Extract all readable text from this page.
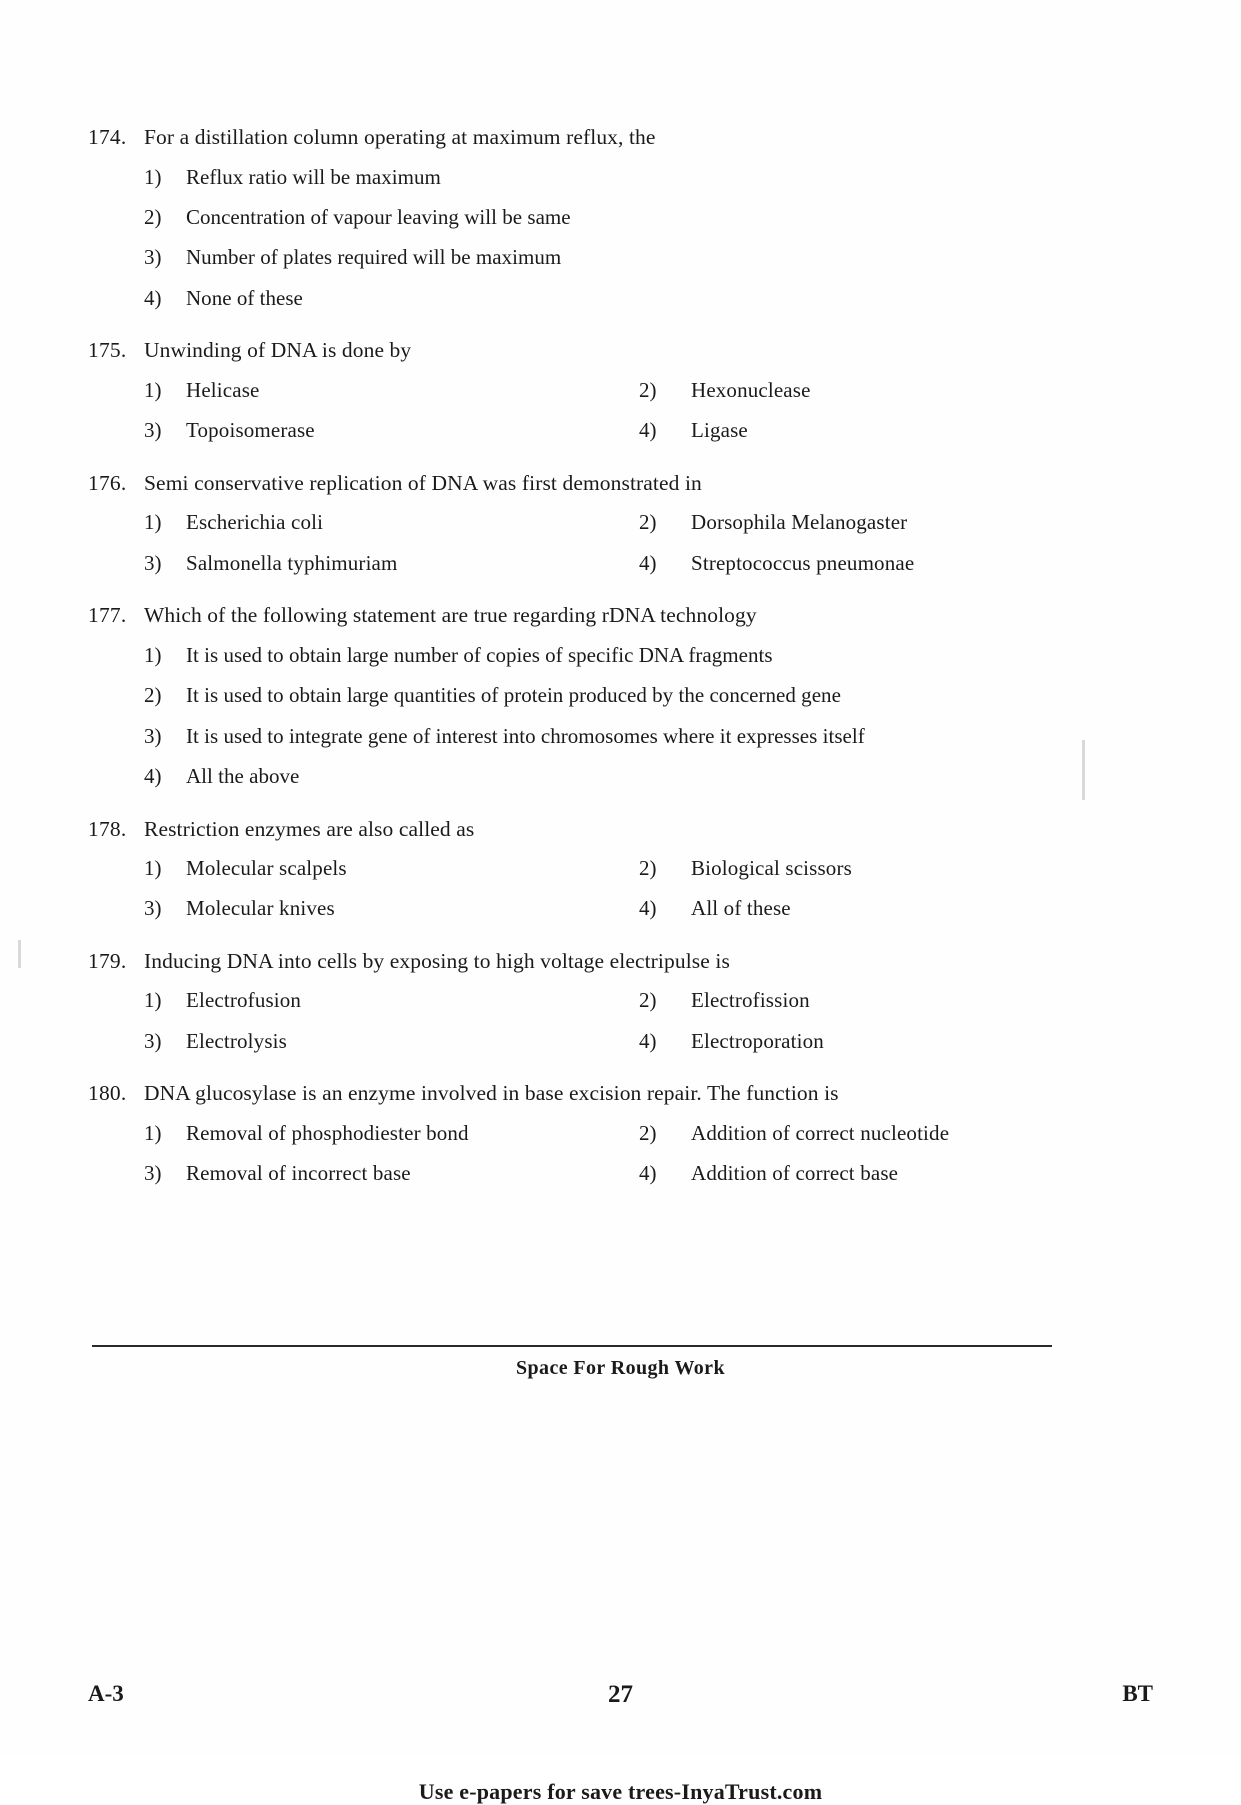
174. For a distillation column operating at maximum reflux, the
1)	Reflux ratio will be maximum
2)	Concentration of vapour leaving will be same
3)	Number of plates required will be maximum
4)	None of these
175. Unwinding of DNA is done by
1)	Helicase	2)	Hexonuclease
3)	Topoisomerase	4)	Ligase
176. Semi conservative replication of DNA was first demonstrated in
1)	Escherichia coli	2)	Dorsophila Melanogaster
3)	Salmonella typhimuriam	4)	Streptococcus pneumonae
177. Which of the following statement are true regarding rDNA technology
1)	It is used to obtain large number of copies of specific DNA fragments
2)	It is used to obtain large quantities of protein produced by the concerned gene
3)	It is used to integrate gene of interest into chromosomes where it expresses itself
4)	All the above
178. Restriction enzymes are also called as
1)	Molecular scalpels	2)	Biological scissors
3)	Molecular knives	4)	All of these
179. Inducing DNA into cells by exposing to high voltage electripulse is
1)	Electrofusion	2)	Electrofission
3)	Electrolysis	4)	Electroporation
180. DNA glucosylase is an enzyme involved in base excision repair. The function is
1)	Removal of phosphodiester bond	2)	Addition of correct nucleotide
3)	Removal of incorrect base	4)	Addition of correct base
Space For Rough Work
A-3	27	BT
Use e-papers for save trees-InyaTrust.com
